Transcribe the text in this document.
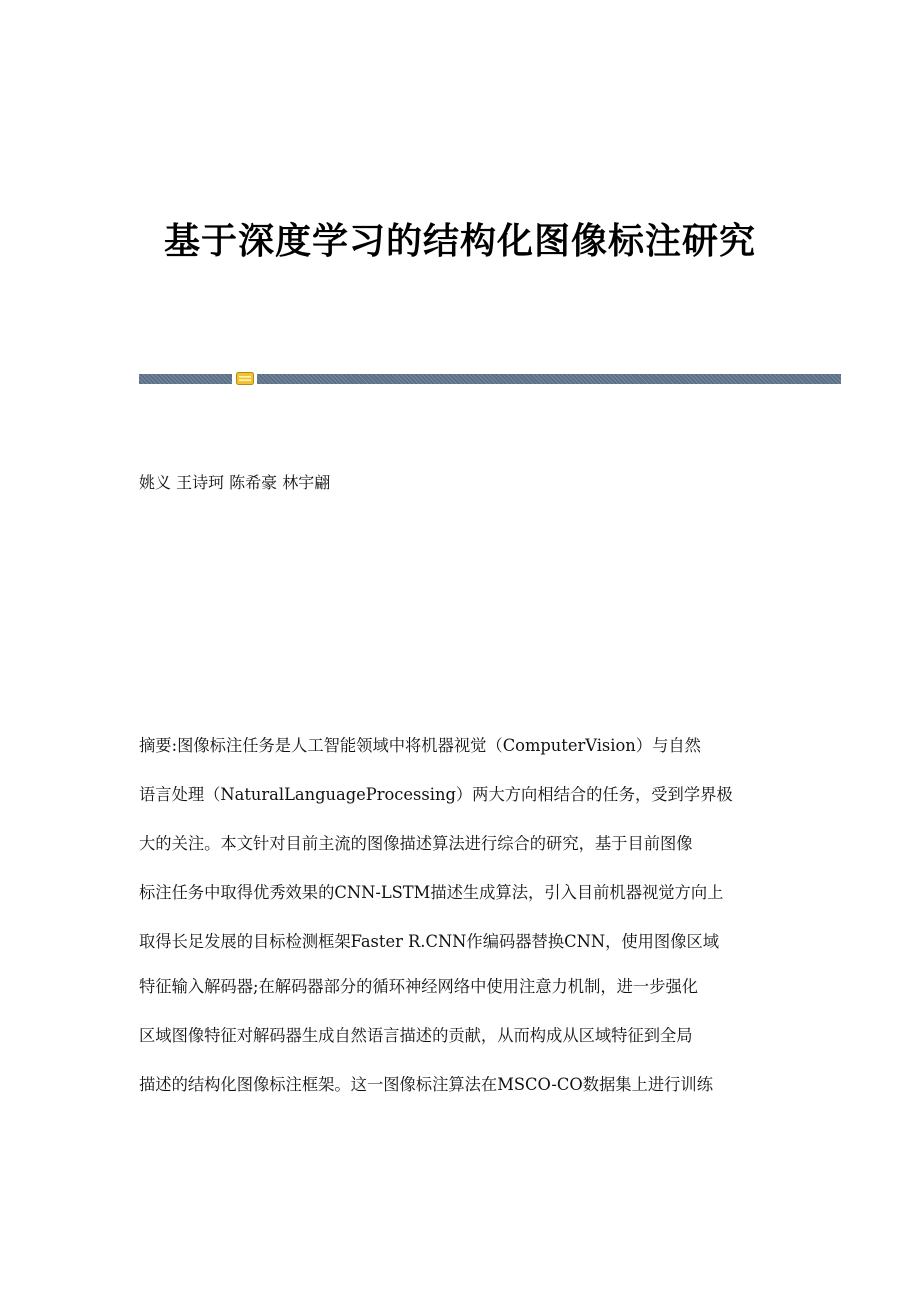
基于深度学习的结构化图像标注研究
姚义 王诗珂 陈希豪 林宇翩
摘要:图像标注任务是人工智能领域中将机器视觉（ComputerVision）与自然
语言处理（NaturalLanguageProcessing）两大方向相结合的任务，受到学界极
大的关注。本文针对目前主流的图像描述算法进行综合的研究，基于目前图像
标注任务中取得优秀效果的CNN-LSTM描述生成算法，引入目前机器视觉方向上
取得长足发展的目标检测框架Faster R.CNN作编码器替换CNN，使用图像区域
特征输入解码器;在解码器部分的循环神经网络中使用注意力机制，进一步强化
区域图像特征对解码器生成自然语言描述的贡献，从而构成从区域特征到全局
描述的结构化图像标注框架。这一图像标注算法在MSCO-CO数据集上进行训练
